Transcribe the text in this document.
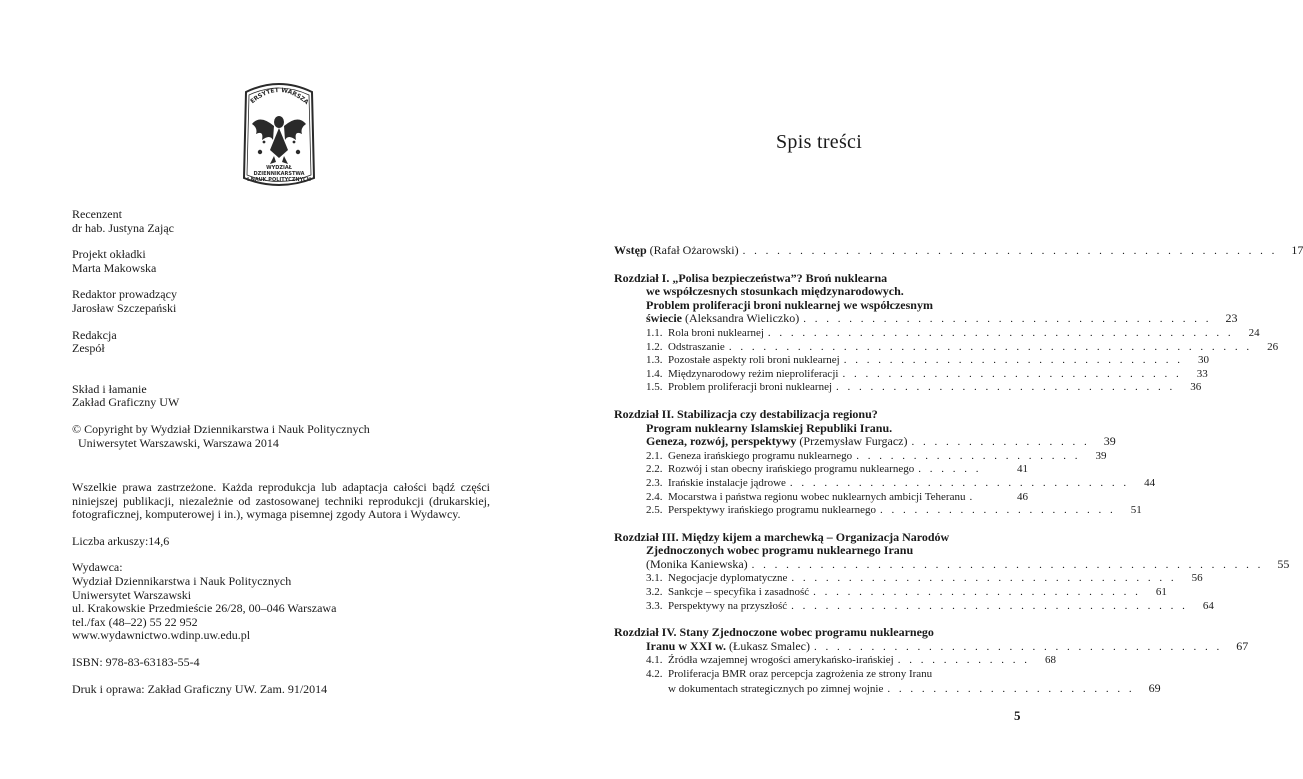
ERSYTET WARSZA
WYDZIAŁ
DZIENNIKARSTWA
I NAUK POLITYCZNYCH
Recenzent
dr hab. Justyna Zając
Projekt okładki
Marta Makowska
Redaktor prowadzący
Jarosław Szczepański
Redakcja
Zespół
Skład i łamanie
Zakład Graficzny UW
© Copyright by Wydział Dziennikarstwa i Nauk Politycznych
Uniwersytet Warszawski, Warszawa 2014
Wszelkie prawa zastrzeżone. Każda reprodukcja lub adaptacja całości bądź części niniejszej publikacji, niezależnie od zastosowanej techniki reprodukcji (drukarskiej, fotograficznej, komputerowej i in.), wymaga pisemnej zgody Autora i Wydawcy.
Liczba arkuszy:14,6
Wydawca:
Wydział Dziennikarstwa i Nauk Politycznych
Uniwersytet Warszawski
ul. Krakowskie Przedmieście 26/28, 00–046 Warszawa
tel./fax (48–22) 55 22 952
www.wydawnictwo.wdinp.uw.edu.pl
ISBN: 978-83-63183-55-4
Druk i oprawa: Zakład Graficzny UW. Zam. 91/2014
Spis treści
Wstęp (Rafał Ożarowski) . . . . . . . . . . . . . . . . . . . . . . . . . . . . . . . . . . . . . . . . . . . . . . .	17
Rozdział I. „Polisa bezpieczeństwa”? Broń nuklearna
we współczesnych stosunkach międzynarodowych.
Problem proliferacji broni nuklearnej we współczesnym
świecie (Aleksandra Wieliczko) . . . . . . . . . . . . . . . . . . . . . . . . . . . . . . . . . . . .	23
1.1. Rola broni nuklearnej . . . . . . . . . . . . . . . . . . . . . . . . . . . . . . . . . . . . . . . . .	24
1.2. Odstraszanie . . . . . . . . . . . . . . . . . . . . . . . . . . . . . . . . . . . . . . . . . . . . . .	26
1.3. Pozostałe aspekty roli broni nuklearnej . . . . . . . . . . . . . . . . . . . . . . . . . . . . . .	30
1.4. Międzynarodowy reżim nieproliferacji . . . . . . . . . . . . . . . . . . . . . . . . . . . . . .	33
1.5. Problem proliferacji broni nuklearnej . . . . . . . . . . . . . . . . . . . . . . . . . . . . . .	36
Rozdział II. Stabilizacja czy destabilizacja regionu?
Program nuklearny Islamskiej Republiki Iranu.
Geneza, rozwój, perspektywy (Przemysław Furgacz) . . . . . . . . . . . . . . . .	39
2.1. Geneza irańskiego programu nuklearnego . . . . . . . . . . . . . . . . . . . .	39
2.2. Rozwój i stan obecny irańskiego programu nuklearnego . . . . . .	41
2.3. Irańskie instalacje jądrowe . . . . . . . . . . . . . . . . . . . . . . . . . . . . . .	44
2.4. Mocarstwa i państwa regionu wobec nuklearnych ambicji Teheranu .	46
2.5. Perspektywy irańskiego programu nuklearnego . . . . . . . . . . . . . . . . . . . . .	51
Rozdział III. Między kijem a marchewką – Organizacja Narodów
Zjednoczonych wobec programu nuklearnego Iranu
(Monika Kaniewska) . . . . . . . . . . . . . . . . . . . . . . . . . . . . . . . . . . . . . . . . . . . . .	55
3.1. Negocjacje dyplomatyczne . . . . . . . . . . . . . . . . . . . . . . . . . . . . . . . . . .	56
3.2. Sankcje – specyfika i zasadność . . . . . . . . . . . . . . . . . . . . . . . . . . . . .	61
3.3. Perspektywy na przyszłość . . . . . . . . . . . . . . . . . . . . . . . . . . . . . . . . . . .	64
Rozdział IV. Stany Zjednoczone wobec programu nuklearnego
Iranu w XXI w. (Łukasz Smalec) . . . . . . . . . . . . . . . . . . . . . . . . . . . . . . . . . . . .	67
4.1. Źródła wzajemnej wrogości amerykańsko-irańskiej . . . . . . . . . . . .	68
4.2. Proliferacja BMR oraz percepcja zagrożenia ze strony Iranu
w dokumentach strategicznych po zimnej wojnie . . . . . . . . . . . . . . . . . . . . . .	69
5
